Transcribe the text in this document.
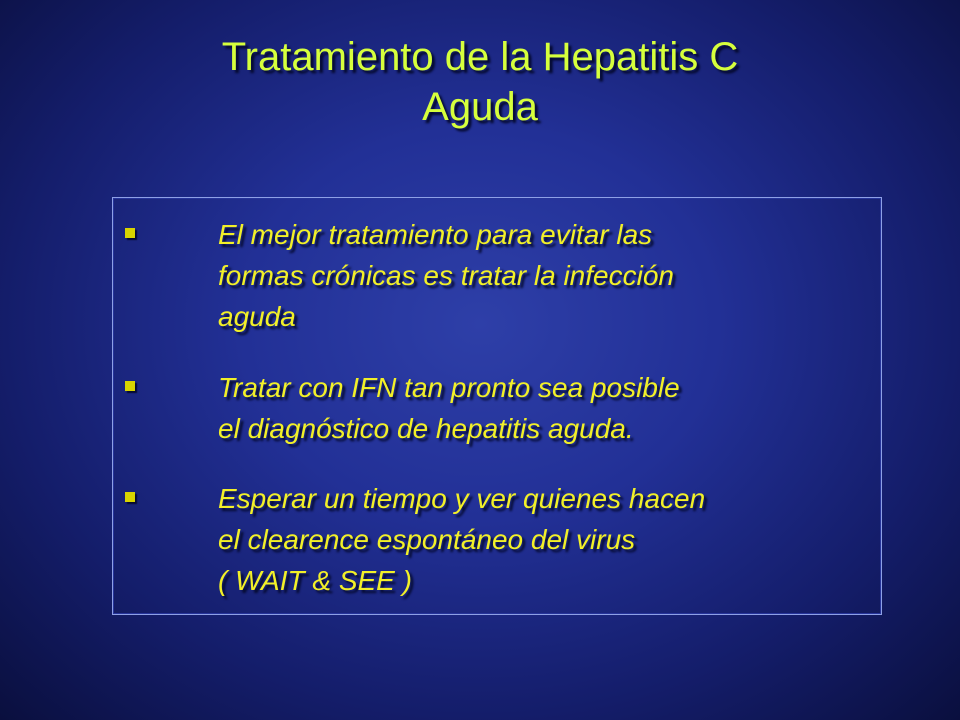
Tratamiento de la Hepatitis C
Aguda
El mejor tratamiento para evitar las
formas crónicas es tratar la infección
aguda
Tratar con IFN tan pronto sea posible
el diagnóstico de hepatitis aguda.
Esperar un tiempo y ver quienes hacen
el clearence espontáneo del virus
( WAIT & SEE )
